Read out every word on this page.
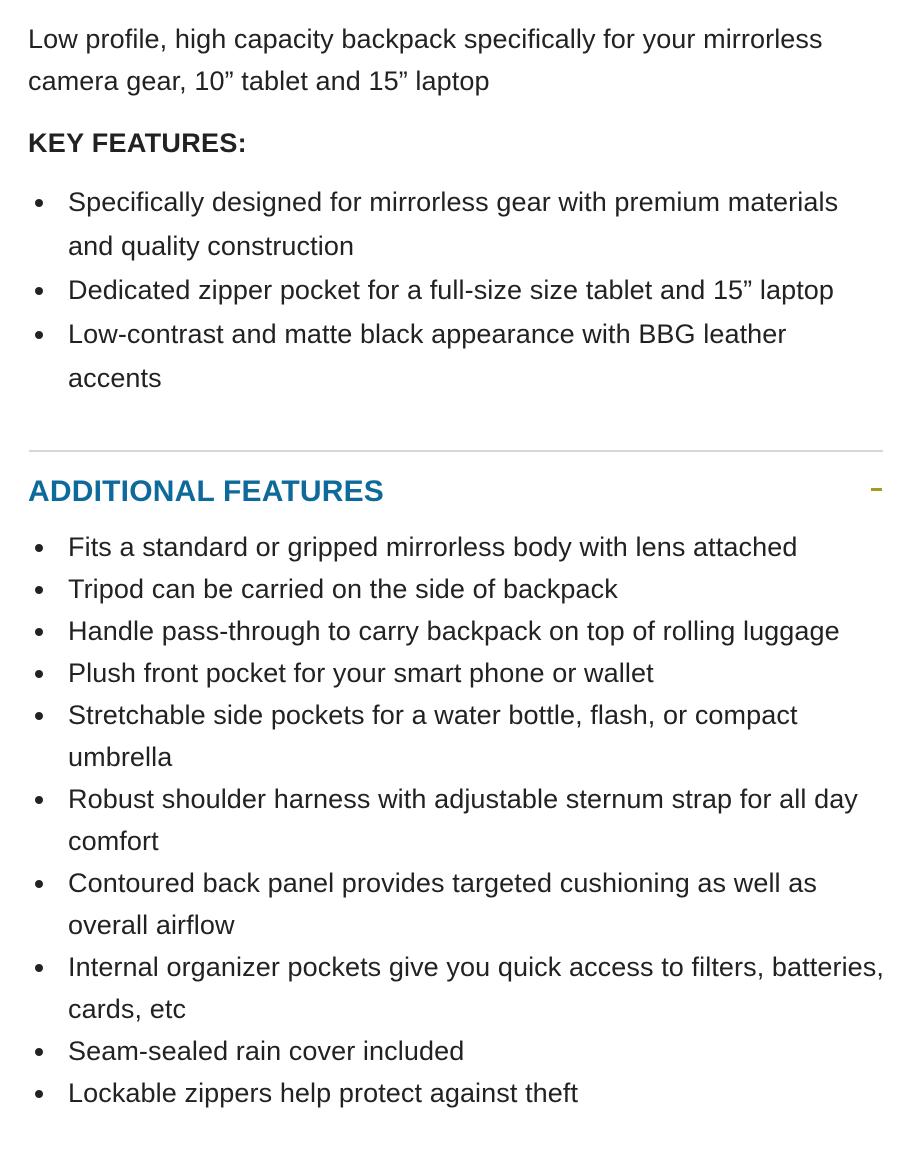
Low profile, high capacity backpack specifically for your mirrorless camera gear, 10” tablet and 15” laptop

KEY FEATURES:
Specifically designed for mirrorless gear with premium materials and quality construction
Dedicated zipper pocket for a full-size size tablet and 15” laptop
Low-contrast and matte black appearance with BBG leather accents
ADDITIONAL FEATURES
Fits a standard or gripped mirrorless body with lens attached
Tripod can be carried on the side of backpack
Handle pass-through to carry backpack on top of rolling luggage
Plush front pocket for your smart phone or wallet
Stretchable side pockets for a water bottle, flash, or compact umbrella
Robust shoulder harness with adjustable sternum strap for all day comfort
Contoured back panel provides targeted cushioning as well as overall airflow
Internal organizer pockets give you quick access to filters, batteries, cards, etc
Seam-sealed rain cover included
Lockable zippers help protect against theft
